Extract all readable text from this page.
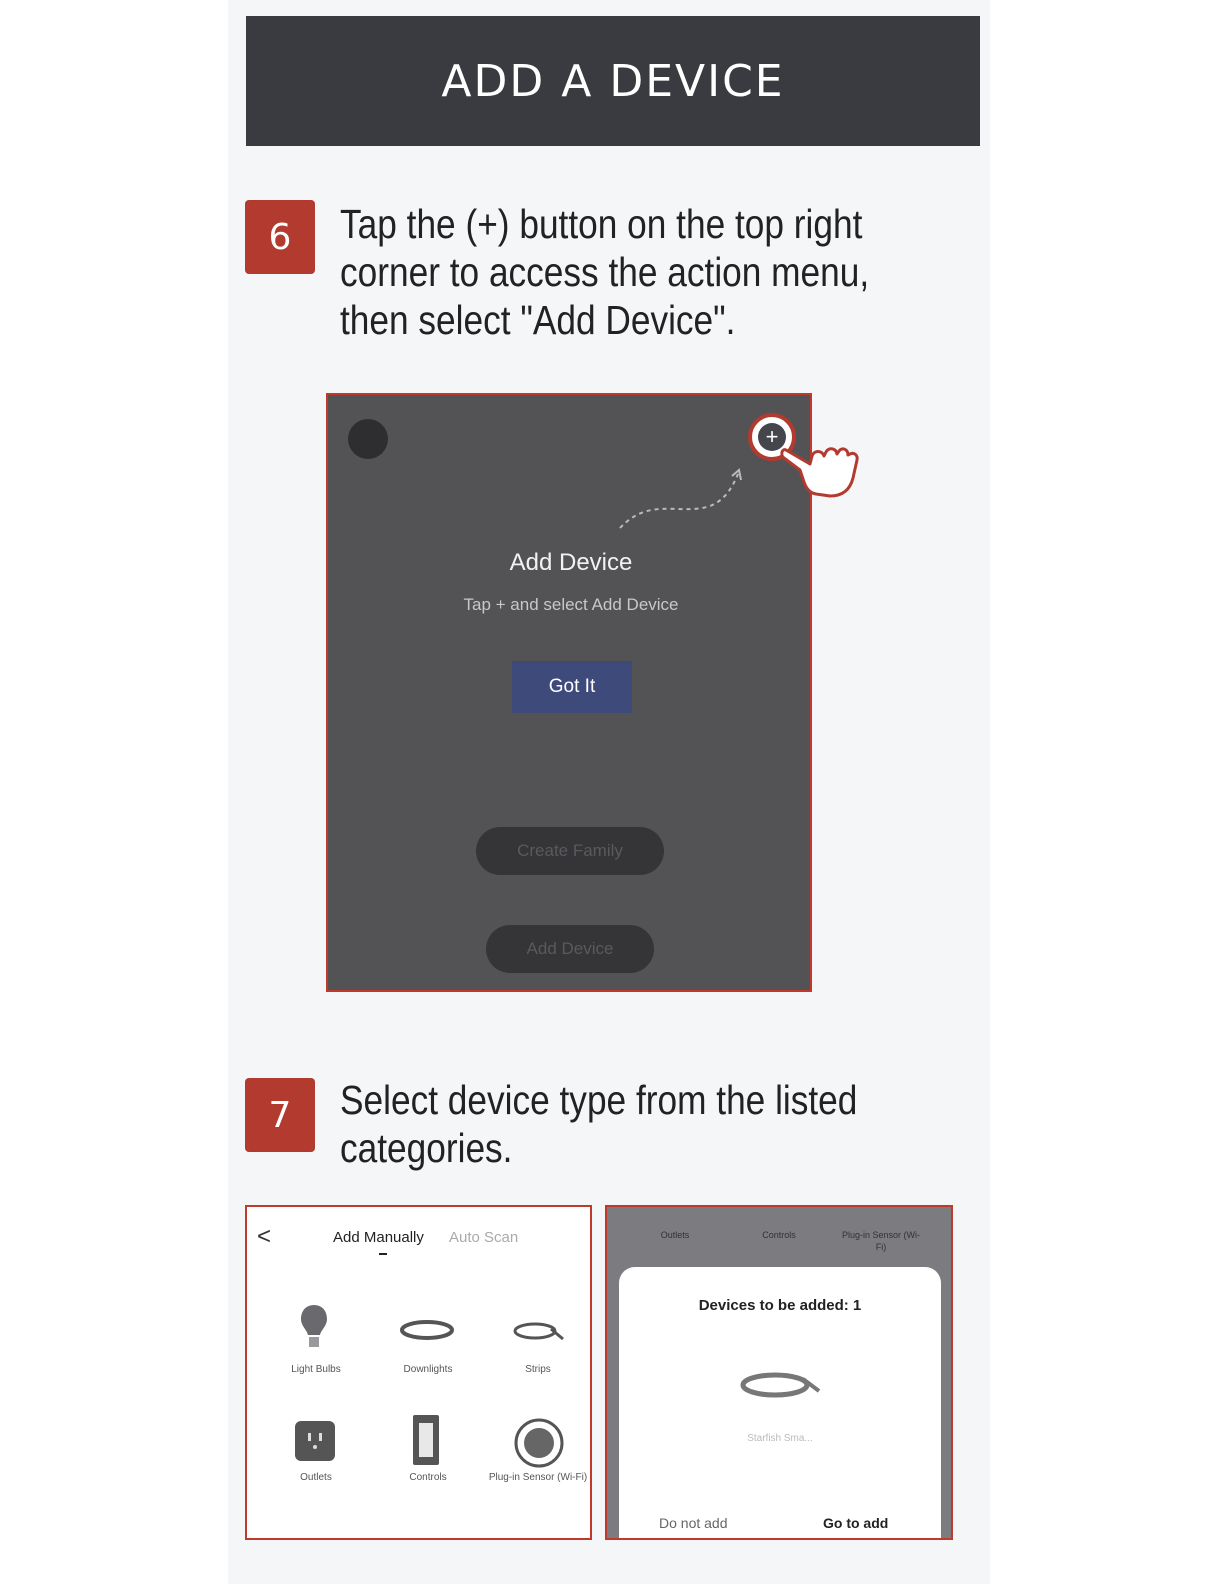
ADD A DEVICE
6	Tap the (+) button on the top right corner to access the action menu, then select "Add Device".
+
Add Device
Tap + and select Add Device
Got It
Create Family
Add Device
7	Select device type from the listed categories.
<	Add Manually Auto Scan
Light Bulbs	Downlights	Strips
Outlets	Controls	Plug-in Sensor (Wi-Fi)
Outlets	Controls	Plug-in Sensor (Wi-Fi)
Devices to be added: 1
Starfish Sma...
Do not add	Go to add
